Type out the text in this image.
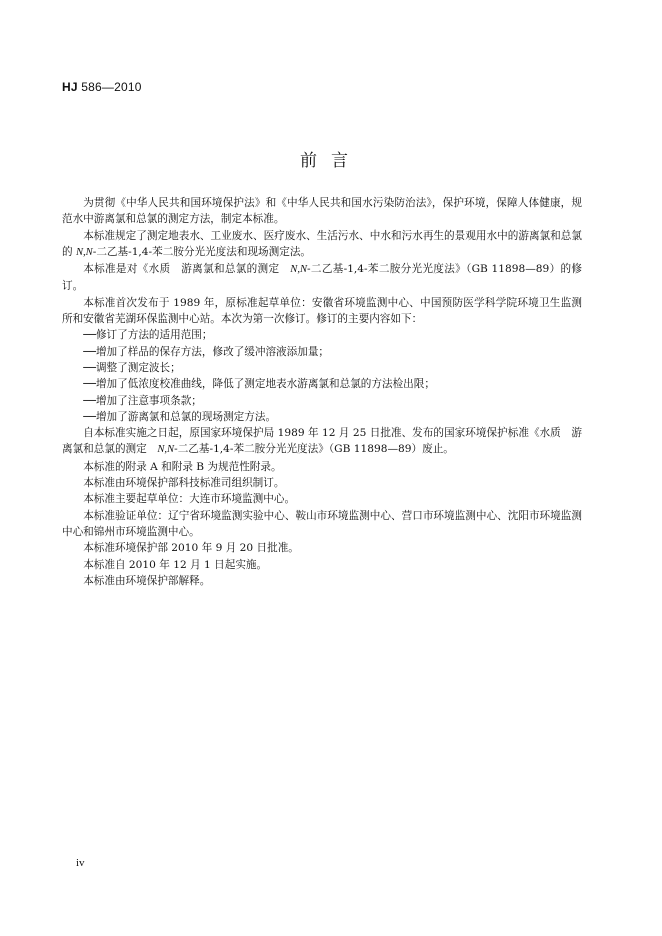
HJ 586—2010
前言

为贯彻《中华人民共和国环境保护法》和《中华人民共和国水污染防治法》，保护环境，保障人体健康，规范水中游离氯和总氯的测定方法，制定本标准。

本标准规定了测定地表水、工业废水、医疗废水、生活污水、中水和污水再生的景观用水中的游离氯和总氯的 N,N-二乙基-1,4-苯二胺分光光度法和现场测定法。

本标准是对《水质　游离氯和总氯的测定　N,N-二乙基-1,4-苯二胺分光光度法》（GB 11898—89）的修订。

本标准首次发布于 1989 年，原标准起草单位：安徽省环境监测中心、中国预防医学科学院环境卫生监测所和安徽省芜湖环保监测中心站。本次为第一次修订。修订的主要内容如下：

──修订了方法的适用范围；

──增加了样品的保存方法，修改了缓冲溶液添加量；

──调整了测定波长；

──增加了低浓度校准曲线，降低了测定地表水游离氯和总氯的方法检出限；

──增加了注意事项条款；

──增加了游离氯和总氯的现场测定方法。

自本标准实施之日起，原国家环境保护局 1989 年 12 月 25 日批准、发布的国家环境保护标准《水质　游离氯和总氯的测定　N,N-二乙基-1,4-苯二胺分光光度法》（GB 11898—89）废止。

本标准的附录 A 和附录 B 为规范性附录。

本标准由环境保护部科技标准司组织制订。

本标准主要起草单位：大连市环境监测中心。

本标准验证单位：辽宁省环境监测实验中心、鞍山市环境监测中心、营口市环境监测中心、沈阳市环境监测中心和锦州市环境监测中心。

本标准环境保护部 2010 年 9 月 20 日批准。

本标准自 2010 年 12 月 1 日起实施。

本标准由环境保护部解释。

iv
